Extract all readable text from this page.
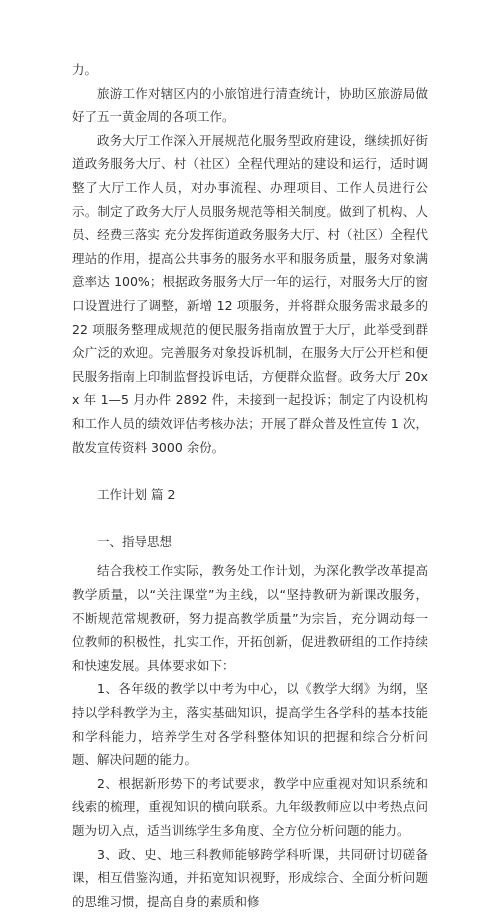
力。

旅游工作对辖区内的小旅馆进行清查统计，协助区旅游局做好了五一黄金周的各项工作。

政务大厅工作深入开展规范化服务型政府建设，继续抓好街道政务服务大厅、村（社区）全程代理站的建设和运行，适时调整了大厅工作人员，对办事流程、办理项目、工作人员进行公示。制定了政务大厅人员服务规范等相关制度。做到了机构、人员、经费三落实 充分发挥街道政务服务大厅、村（社区）全程代理站的作用，提高公共事务的服务水平和服务质量，服务对象满意率达 100%；根据政务服务大厅一年的运行，对服务大厅的窗口设置进行了调整，新增 12 项服务，并将群众服务需求最多的 22 项服务整理成规范的便民服务指南放置于大厅，此举受到群众广泛的欢迎。完善服务对象投诉机制，在服务大厅公开栏和便民服务指南上印制监督投诉电话，方便群众监督。政务大厅 20xx 年 1—5 月办件 2892 件，未接到一起投诉；制定了内设机构和工作人员的绩效评估考核办法；开展了群众普及性宣传 1 次，散发宣传资料 3000 余份。

工作计划 篇 2

一、指导思想

结合我校工作实际，教务处工作计划，为深化教学改革提高教学质量，以“关注课堂”为主线，以“坚持教研为新课改服务，不断规范常规教研，努力提高教学质量”为宗旨，充分调动每一位教师的积极性，扎实工作，开拓创新，促进教研组的工作持续和快速发展。具体要求如下：

1、各年级的教学以中考为中心，以《教学大纲》为纲，坚持以学科教学为主，落实基础知识，提高学生各学科的基本技能和学科能力，培养学生对各学科整体知识的把握和综合分析问题、解决问题的能力。

2、根据新形势下的考试要求，教学中应重视对知识系统和线索的梳理，重视知识的横向联系。九年级教师应以中考热点问题为切入点，适当训练学生多角度、全方位分析问题的能力。

3、政、史、地三科教师能够跨学科听课，共同研讨切磋备课，相互借鉴沟通，并拓宽知识视野，形成综合、全面分析问题的思维习惯，提高自身的素质和修
